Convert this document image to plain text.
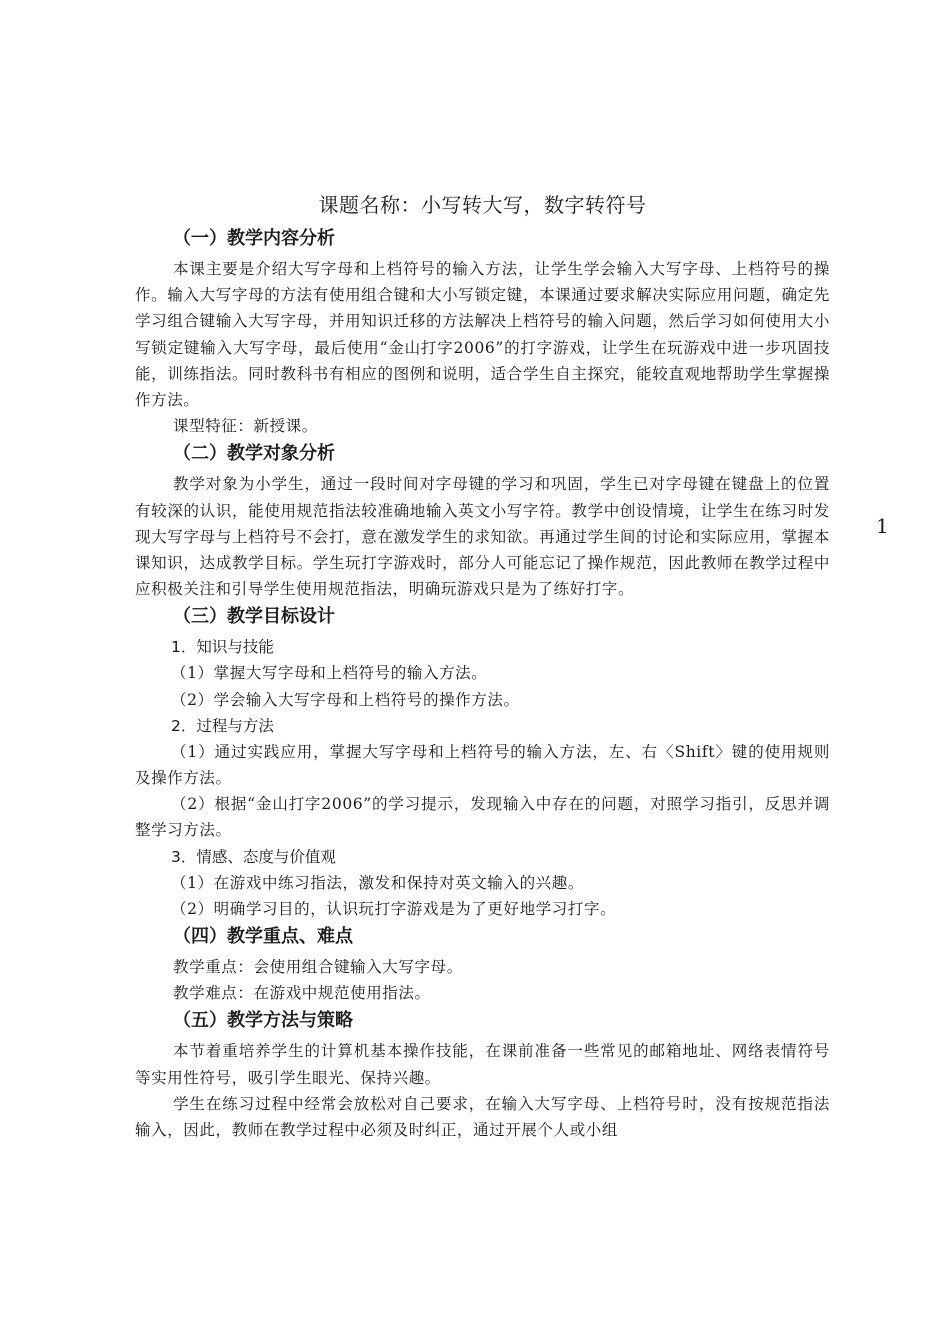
课题名称：小写转大写，数字转符号
（一）教学内容分析

本课主要是介绍大写字母和上档符号的输入方法，让学生学会输入大写字母、上档符号的操作。输入大写字母的方法有使用组合键和大小写锁定键，本课通过要求解决实际应用问题，确定先学习组合键输入大写字母，并用知识迁移的方法解决上档符号的输入问题，然后学习如何使用大小写锁定键输入大写字母，最后使用“金山打字2006”的打字游戏，让学生在玩游戏中进一步巩固技能，训练指法。同时教科书有相应的图例和说明，适合学生自主探究，能较直观地帮助学生掌握操作方法。

课型特征：新授课。

（二）教学对象分析

教学对象为小学生，通过一段时间对字母键的学习和巩固，学生已对字母键在键盘上的位置有较深的认识，能使用规范指法较准确地输入英文小写字符。教学中创设情境，让学生在练习时发现大写字母与上档符号不会打，意在激发学生的求知欲。再通过学生间的讨论和实际应用，掌握本课知识，达成教学目标。学生玩打字游戏时，部分人可能忘记了操作规范，因此教师在教学过程中应积极关注和引导学生使用规范指法，明确玩游戏只是为了练好打字。

（三）教学目标设计
1．知识与技能

（1）掌握大写字母和上档符号的输入方法。

（2）学会输入大写字母和上档符号的操作方法。

2．过程与方法

（1）通过实践应用，掌握大写字母和上档符号的输入方法，左、右〈Shift〉键的使用规则及操作方法。

（2）根据“金山打字2006”的学习提示，发现输入中存在的问题，对照学习指引，反思并调整学习方法。

3．情感、态度与价值观

（1）在游戏中练习指法，激发和保持对英文输入的兴趣。

（2）明确学习目的，认识玩打字游戏是为了更好地学习打字。

（四）教学重点、难点

教学重点：会使用组合键输入大写字母。

教学难点：在游戏中规范使用指法。

（五）教学方法与策略

本节着重培养学生的计算机基本操作技能，在课前准备一些常见的邮箱地址、网络表情符号等实用性符号，吸引学生眼光、保持兴趣。

学生在练习过程中经常会放松对自己要求，在输入大写字母、上档符号时，没有按规范指法输入，因此，教师在教学过程中必须及时纠正，通过开展个人或小组

1
